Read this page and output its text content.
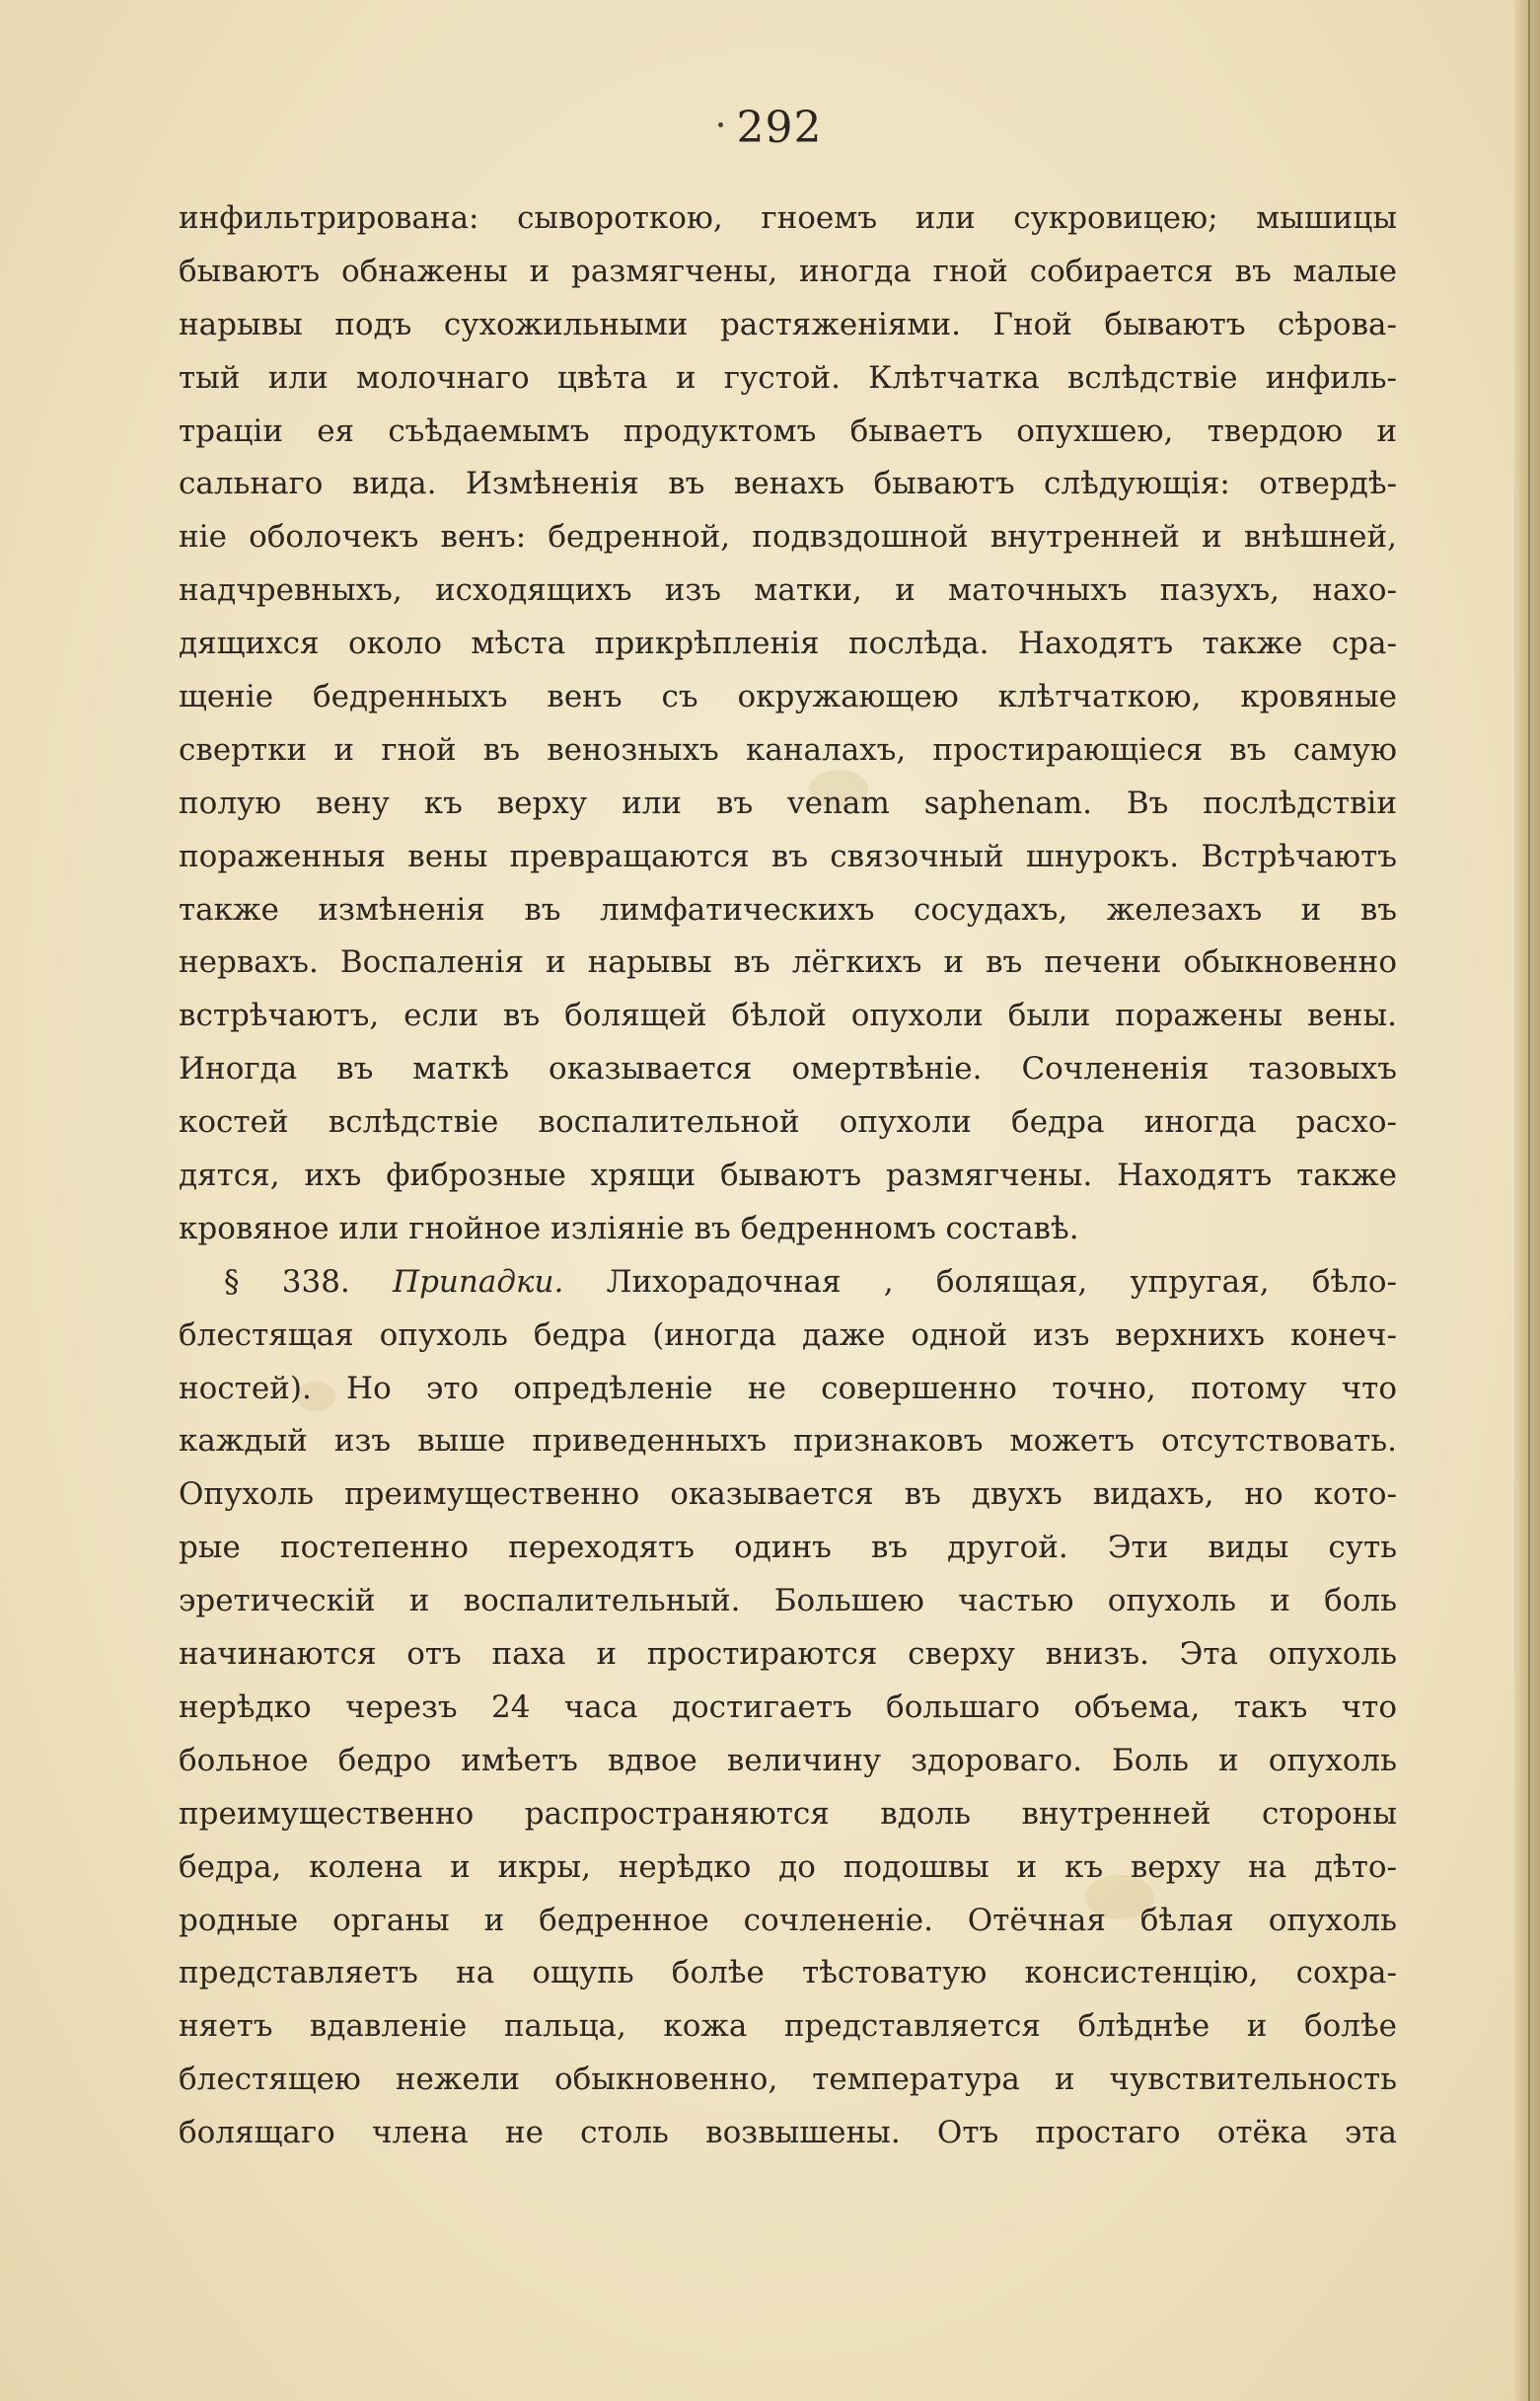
292
инфильтрирована: сывороткою, гноемъ или сукровицею; мышицы
бываютъ обнажены и размягчены, иногда гной собирается въ малые
нарывы подъ сухожильными растяженіями. Гной бываютъ сѣрова-
тый или молочнаго цвѣта и густой. Клѣтчатка вслѣдствіе инфиль-
траціи ея съѣдаемымъ продуктомъ бываетъ опухшею, твердою и
сальнаго вида. Измѣненія въ венахъ бываютъ слѣдующія: отвердѣ-
ніе оболочекъ венъ: бедренной, подвздошной внутренней и внѣшней,
надчревныхъ, исходящихъ изъ матки, и маточныхъ пазухъ, нахо-
дящихся около мѣста прикрѣпленія послѣда. Находятъ также сра-
щеніе бедренныхъ венъ съ окружающею клѣтчаткою, кровяные
свертки и гной въ венозныхъ каналахъ, простирающіеся въ самую
полую вену къ верху или въ venam saphenam. Въ послѣдствіи
пораженныя вены превращаются въ связочный шнурокъ. Встрѣчаютъ
также измѣненія въ лимфатическихъ сосудахъ, железахъ и въ
нервахъ. Воспаленія и нарывы въ лёгкихъ и въ печени обыкновенно
встрѣчаютъ, если въ болящей бѣлой опухоли были поражены вены.
Иногда въ маткѣ оказывается омертвѣніе. Сочлененія тазовыхъ
костей вслѣдствіе воспалительной опухоли бедра иногда расхо-
дятся, ихъ фиброзные хрящи бываютъ размягчены. Находятъ также
кровяное или гнойное изліяніе въ бедренномъ составѣ.
§ 338. Припадки. Лихорадочная , болящая, упругая, бѣло-
блестящая опухоль бедра (иногда даже одной изъ верхнихъ конеч-
ностей). Но это опредѣленіе не совершенно точно, потому что
каждый изъ выше приведенныхъ признаковъ можетъ отсутствовать.
Опухоль преимущественно оказывается въ двухъ видахъ, но кото-
рые постепенно переходятъ одинъ въ другой. Эти виды суть
эретическій и воспалительный. Большею частью опухоль и боль
начинаются отъ паха и простираются сверху внизъ. Эта опухоль
нерѣдко черезъ 24 часа достигаетъ большаго объема, такъ что
больное бедро имѣетъ вдвое величину здороваго. Боль и опухоль
преимущественно распространяются вдоль внутренней стороны
бедра, колена и икры, нерѣдко до подошвы и къ верху на дѣто-
родные органы и бедренное сочлененіе. Отёчная бѣлая опухоль
представляетъ на ощупь болѣе тѣстоватую консистенцію, сохра-
няетъ вдавленіе пальца, кожа представляется блѣднѣе и болѣе
блестящею нежели обыкновенно, температура и чувствительность
болящаго члена не столь возвышены. Отъ простаго отёка эта
